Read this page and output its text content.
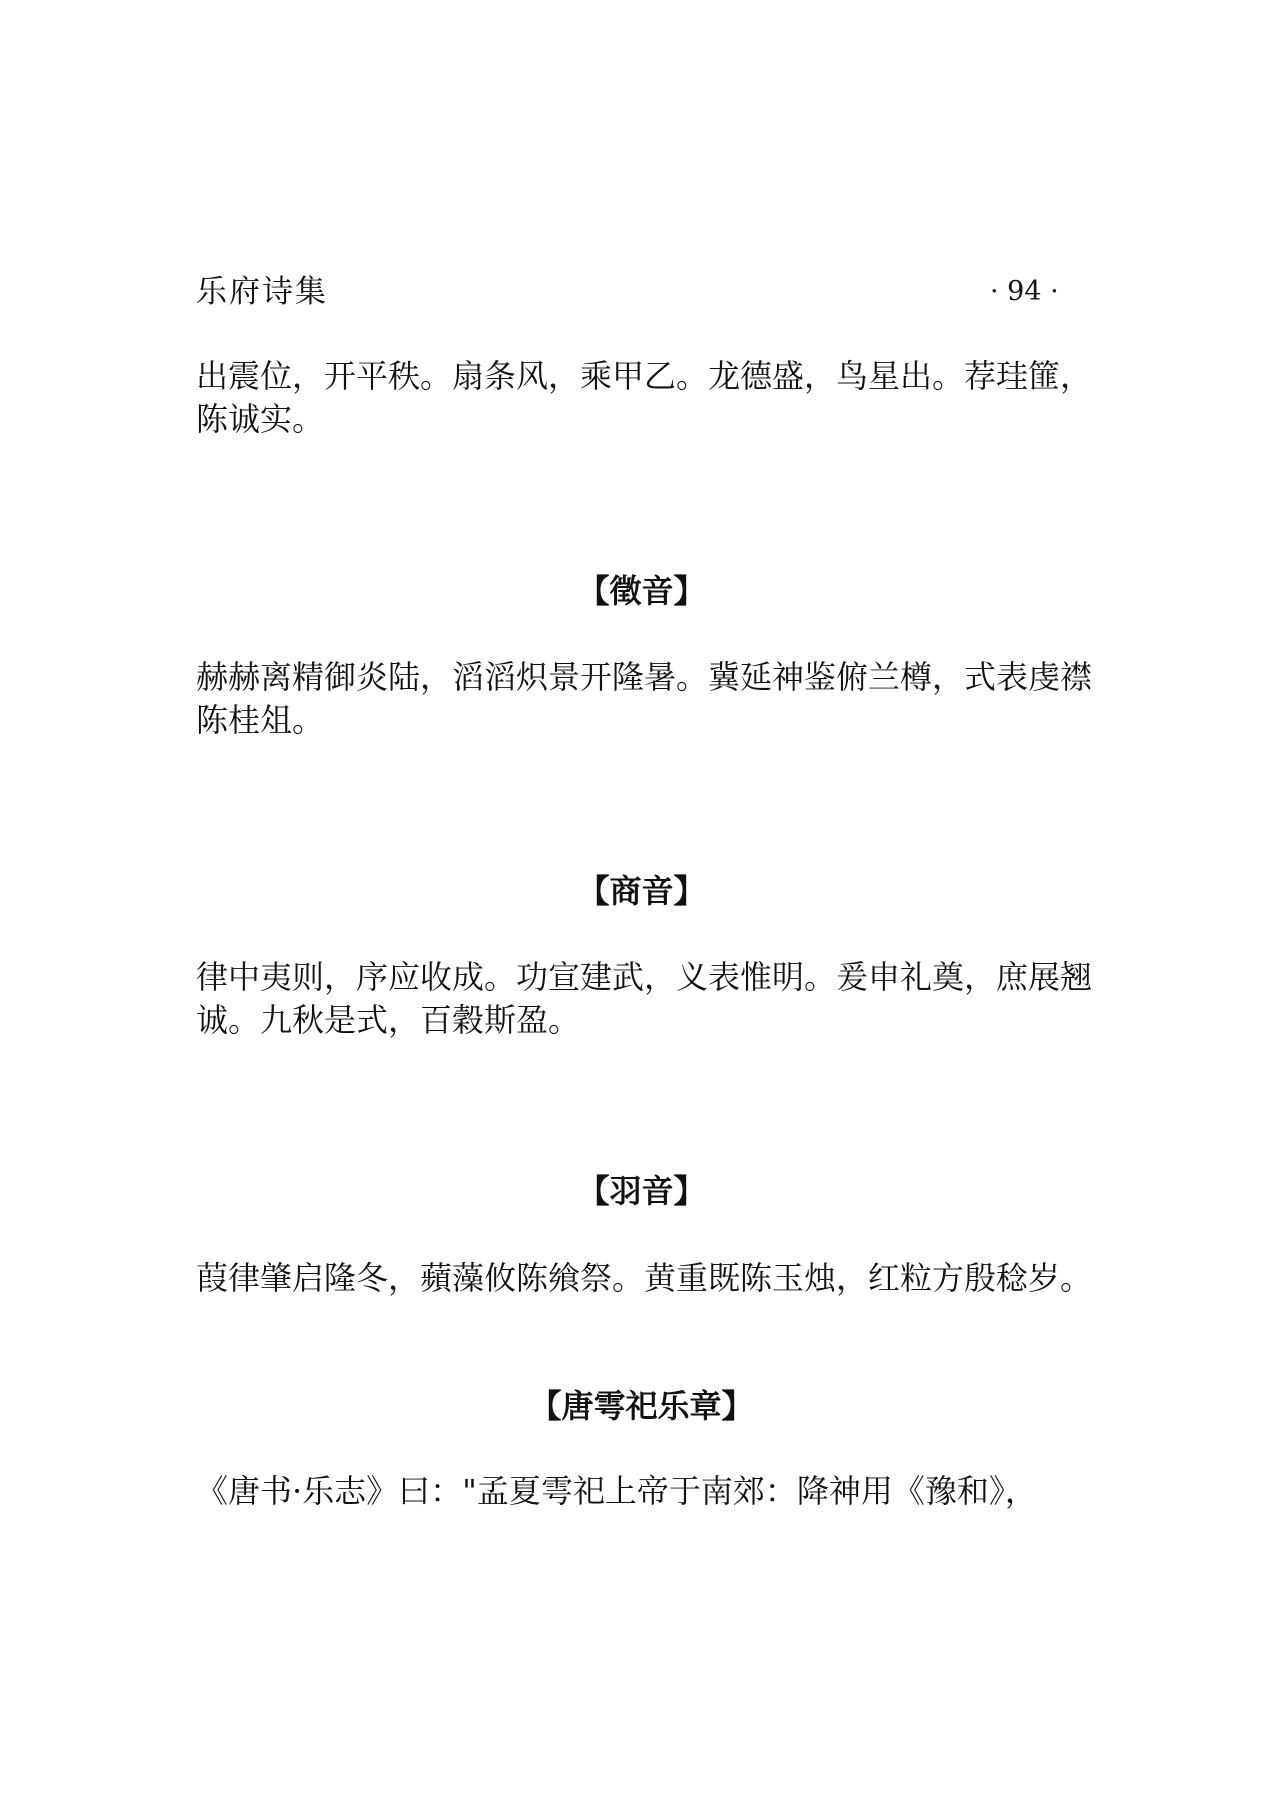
乐府诗集	· 94 ·

出震位，开平秩。扇条风，乘甲乙。龙德盛，鸟星出。荐珪篚，陈诚实。

【徵音】

赫赫离精御炎陆，滔滔炽景开隆暑。冀延神鉴俯兰樽，式表虔襟陈桂俎。

【商音】

律中夷则，序应收成。功宣建武，义表惟明。爰申礼奠，庶展翘诚。九秋是式，百穀斯盈。

【羽音】

葭律肇启隆冬，蘋藻攸陈飨祭。黄重既陈玉烛，红粒方殷稔岁。

【唐雩祀乐章】

《唐书·乐志》曰："孟夏雩祀上帝于南郊：降神用《豫和》，
